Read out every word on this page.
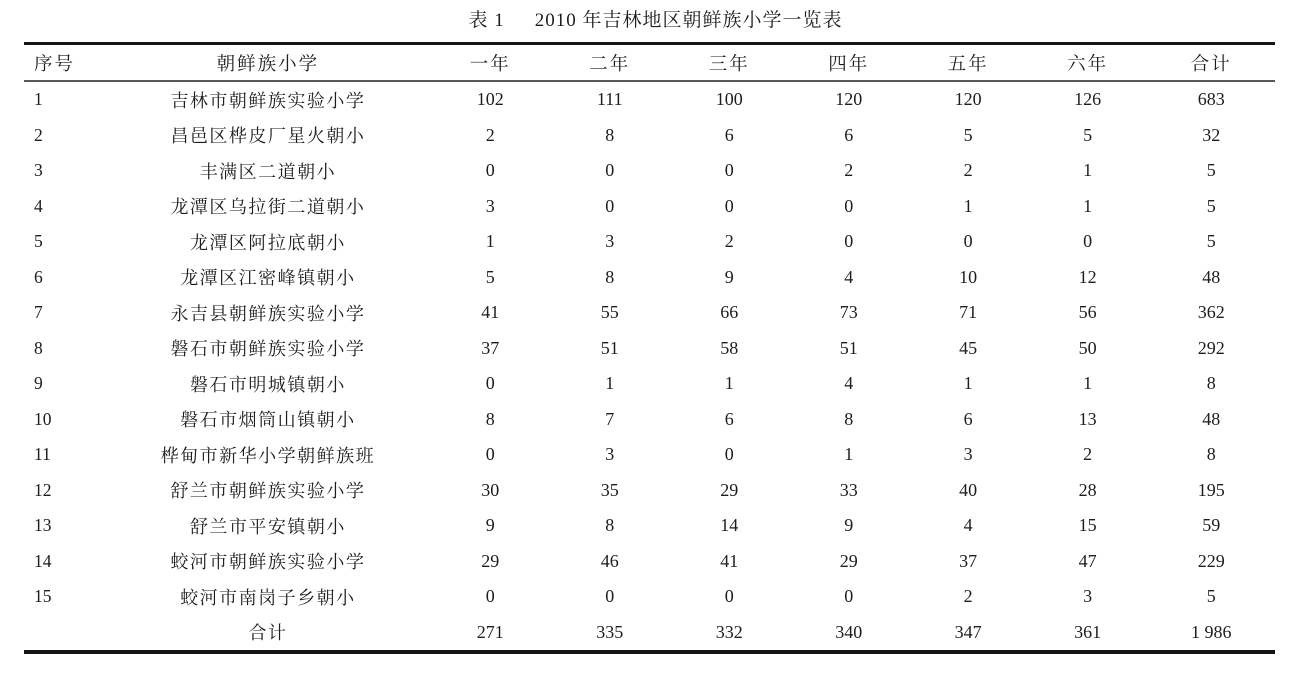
表 1 2010 年吉林地区朝鲜族小学一览表
序号	朝鲜族小学	一年	二年	三年	四年	五年	六年	合计
1	吉林市朝鲜族实验小学	102	111	100	120	120	126	683
2	昌邑区桦皮厂星火朝小	2	8	6	6	5	5	32
3	丰满区二道朝小	0	0	0	2	2	1	5
4	龙潭区乌拉街二道朝小	3	0	0	0	1	1	5
5	龙潭区阿拉底朝小	1	3	2	0	0	0	5
6	龙潭区江密峰镇朝小	5	8	9	4	10	12	48
7	永吉县朝鲜族实验小学	41	55	66	73	71	56	362
8	磐石市朝鲜族实验小学	37	51	58	51	45	50	292
9	磐石市明城镇朝小	0	1	1	4	1	1	8
10	磐石市烟筒山镇朝小	8	7	6	8	6	13	48
11	桦甸市新华小学朝鲜族班	0	3	0	1	3	2	8
12	舒兰市朝鲜族实验小学	30	35	29	33	40	28	195
13	舒兰市平安镇朝小	9	8	14	9	4	15	59
14	蛟河市朝鲜族实验小学	29	46	41	29	37	47	229
15	蛟河市南岗子乡朝小	0	0	0	0	2	3	5
	合计	271	335	332	340	347	361	1 986
